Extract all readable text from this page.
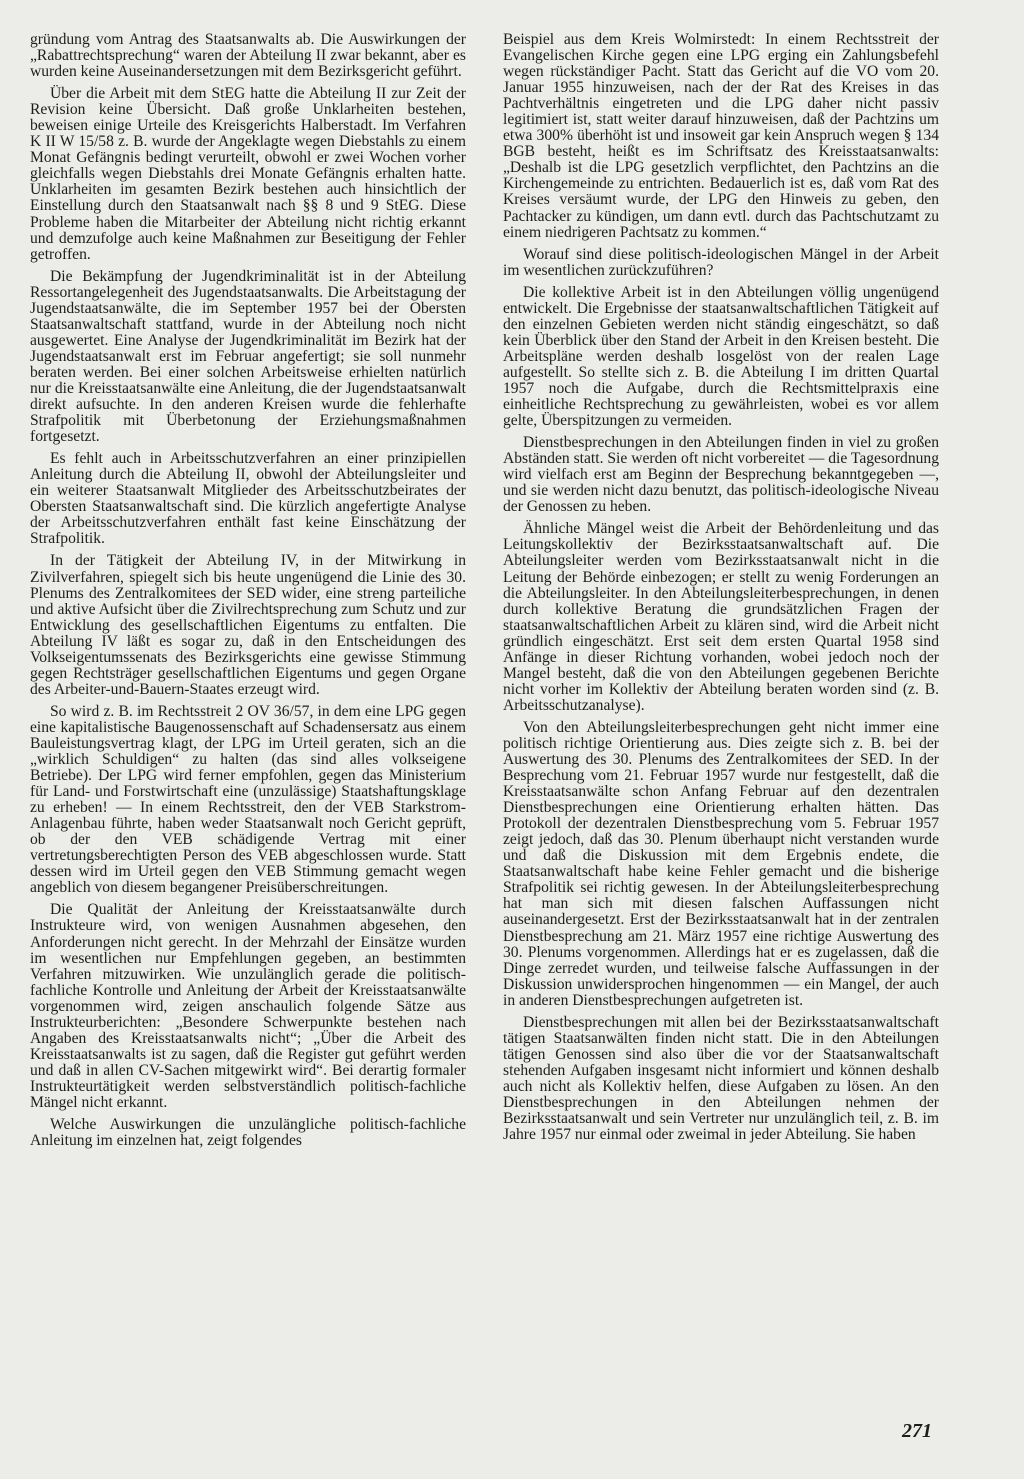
gründung vom Antrag des Staatsanwalts ab. Die Auswirkungen der „Rabattrechtsprechung“ waren der Abteilung II zwar bekannt, aber es wurden keine Auseinandersetzungen mit dem Bezirksgericht geführt.

Über die Arbeit mit dem StEG hatte die Abteilung II zur Zeit der Revision keine Übersicht. Daß große Unklarheiten bestehen, beweisen einige Urteile des Kreisgerichts Halberstadt. Im Verfahren K II W 15/58 z. B. wurde der Angeklagte wegen Diebstahls zu einem Monat Gefängnis bedingt verurteilt, obwohl er zwei Wochen vorher gleichfalls wegen Diebstahls drei Monate Gefängnis erhalten hatte. Unklarheiten im gesamten Bezirk bestehen auch hinsichtlich der Einstellung durch den Staatsanwalt nach §§ 8 und 9 StEG. Diese Probleme haben die Mitarbeiter der Abteilung nicht richtig erkannt und demzufolge auch keine Maßnahmen zur Beseitigung der Fehler getroffen.

Die Bekämpfung der Jugendkriminalität ist in der Abteilung Ressortangelegenheit des Jugendstaatsanwalts. Die Arbeitstagung der Jugendstaatsanwälte, die im September 1957 bei der Obersten Staatsanwaltschaft stattfand, wurde in der Abteilung noch nicht ausgewertet. Eine Analyse der Jugendkriminalität im Bezirk hat der Jugendstaatsanwalt erst im Februar angefertigt; sie soll nunmehr beraten werden. Bei einer solchen Arbeitsweise erhielten natürlich nur die Kreisstaatsanwälte eine Anleitung, die der Jugendstaatsanwalt direkt aufsuchte. In den anderen Kreisen wurde die fehlerhafte Strafpolitik mit Überbetonung der Erziehungsmaßnahmen fortgesetzt.

Es fehlt auch in Arbeitsschutzverfahren an einer prinzipiellen Anleitung durch die Abteilung II, obwohl der Abteilungsleiter und ein weiterer Staatsanwalt Mitglieder des Arbeitsschutzbeirates der Obersten Staatsanwaltschaft sind. Die kürzlich angefertigte Analyse der Arbeitsschutzverfahren enthält fast keine Einschätzung der Strafpolitik.

In der Tätigkeit der Abteilung IV, in der Mitwirkung in Zivilverfahren, spiegelt sich bis heute ungenügend die Linie des 30. Plenums des Zentralkomitees der SED wider, eine streng parteiliche und aktive Aufsicht über die Zivilrechtsprechung zum Schutz und zur Entwicklung des gesellschaftlichen Eigentums zu entfalten. Die Abteilung IV läßt es sogar zu, daß in den Entscheidungen des Volkseigentumssenats des Bezirksgerichts eine gewisse Stimmung gegen Rechtsträger gesellschaftlichen Eigentums und gegen Organe des Arbeiter-und-Bauern-Staates erzeugt wird.

So wird z. B. im Rechtsstreit 2 OV 36/57, in dem eine LPG gegen eine kapitalistische Baugenossenschaft auf Schadensersatz aus einem Bauleistungsvertrag klagt, der LPG im Urteil geraten, sich an die „wirklich Schuldigen“ zu halten (das sind alles volkseigene Betriebe). Der LPG wird ferner empfohlen, gegen das Ministerium für Land- und Forstwirtschaft eine (unzulässige) Staatshaftungsklage zu erheben! — In einem Rechtsstreit, den der VEB Starkstrom-Anlagenbau führte, haben weder Staatsanwalt noch Gericht geprüft, ob der den VEB schädigende Vertrag mit einer vertretungsberechtigten Person des VEB abgeschlossen wurde. Statt dessen wird im Urteil gegen den VEB Stimmung gemacht wegen angeblich von diesem begangener Preisüberschreitungen.

Die Qualität der Anleitung der Kreisstaatsanwälte durch Instrukteure wird, von wenigen Ausnahmen abgesehen, den Anforderungen nicht gerecht. In der Mehrzahl der Einsätze wurden im wesentlichen nur Empfehlungen gegeben, an bestimmten Verfahren mitzuwirken. Wie unzulänglich gerade die politisch-fachliche Kontrolle und Anleitung der Arbeit der Kreisstaatsanwälte vorgenommen wird, zeigen anschaulich folgende Sätze aus Instrukteurberichten: „Besondere Schwerpunkte bestehen nach Angaben des Kreisstaatsanwalts nicht“; „Über die Arbeit des Kreisstaatsanwalts ist zu sagen, daß die Register gut geführt werden und daß in allen CV-Sachen mitgewirkt wird“. Bei derartig formaler Instrukteurtätigkeit werden selbstverständlich politisch-fachliche Mängel nicht erkannt.

Welche Auswirkungen die unzulängliche politisch-fachliche Anleitung im einzelnen hat, zeigt folgendes

Beispiel aus dem Kreis Wolmirstedt: In einem Rechtsstreit der Evangelischen Kirche gegen eine LPG erging ein Zahlungsbefehl wegen rückständiger Pacht. Statt das Gericht auf die VO vom 20. Januar 1955 hinzuweisen, nach der der Rat des Kreises in das Pachtverhältnis eingetreten und die LPG daher nicht passiv legitimiert ist, statt weiter darauf hinzuweisen, daß der Pachtzins um etwa 300% überhöht ist und insoweit gar kein Anspruch wegen § 134 BGB besteht, heißt es im Schriftsatz des Kreisstaatsanwalts: „Deshalb ist die LPG gesetzlich verpflichtet, den Pachtzins an die Kirchengemeinde zu entrichten. Bedauerlich ist es, daß vom Rat des Kreises versäumt wurde, der LPG den Hinweis zu geben, den Pachtacker zu kündigen, um dann evtl. durch das Pachtschutzamt zu einem niedrigeren Pachtsatz zu kommen.“

Worauf sind diese politisch-ideologischen Mängel in der Arbeit im wesentlichen zurückzuführen?

Die kollektive Arbeit ist in den Abteilungen völlig ungenügend entwickelt. Die Ergebnisse der staatsanwaltschaftlichen Tätigkeit auf den einzelnen Gebieten werden nicht ständig eingeschätzt, so daß kein Überblick über den Stand der Arbeit in den Kreisen besteht. Die Arbeitspläne werden deshalb losgelöst von der realen Lage aufgestellt. So stellte sich z. B. die Abteilung I im dritten Quartal 1957 noch die Aufgabe, durch die Rechtsmittelpraxis eine einheitliche Rechtsprechung zu gewährleisten, wobei es vor allem gelte, Überspitzungen zu vermeiden.

Dienstbesprechungen in den Abteilungen finden in viel zu großen Abständen statt. Sie werden oft nicht vorbereitet — die Tagesordnung wird vielfach erst am Beginn der Besprechung bekanntgegeben —, und sie werden nicht dazu benutzt, das politisch-ideologische Niveau der Genossen zu heben.

Ähnliche Mängel weist die Arbeit der Behördenleitung und das Leitungskollektiv der Bezirksstaatsanwaltschaft auf. Die Abteilungsleiter werden vom Bezirksstaatsanwalt nicht in die Leitung der Behörde einbezogen; er stellt zu wenig Forderungen an die Abteilungsleiter. In den Abteilungsleiterbesprechungen, in denen durch kollektive Beratung die grundsätzlichen Fragen der staatsanwaltschaftlichen Arbeit zu klären sind, wird die Arbeit nicht gründlich eingeschätzt. Erst seit dem ersten Quartal 1958 sind Anfänge in dieser Richtung vorhanden, wobei jedoch noch der Mangel besteht, daß die von den Abteilungen gegebenen Berichte nicht vorher im Kollektiv der Abteilung beraten worden sind (z. B. Arbeitsschutzanalyse).

Von den Abteilungsleiterbesprechungen geht nicht immer eine politisch richtige Orientierung aus. Dies zeigte sich z. B. bei der Auswertung des 30. Plenums des Zentralkomitees der SED. In der Besprechung vom 21. Februar 1957 wurde nur festgestellt, daß die Kreisstaatsanwälte schon Anfang Februar auf den dezentralen Dienstbesprechungen eine Orientierung erhalten hätten. Das Protokoll der dezentralen Dienstbesprechung vom 5. Februar 1957 zeigt jedoch, daß das 30. Plenum überhaupt nicht verstanden wurde und daß die Diskussion mit dem Ergebnis endete, die Staatsanwaltschaft habe keine Fehler gemacht und die bisherige Strafpolitik sei richtig gewesen. In der Abteilungsleiterbesprechung hat man sich mit diesen falschen Auffassungen nicht auseinandergesetzt. Erst der Bezirksstaatsanwalt hat in der zentralen Dienstbesprechung am 21. März 1957 eine richtige Auswertung des 30. Plenums vorgenommen. Allerdings hat er es zugelassen, daß die Dinge zerredet wurden, und teilweise falsche Auffassungen in der Diskussion unwidersprochen hingenommen — ein Mangel, der auch in anderen Dienstbesprechungen aufgetreten ist.

Dienstbesprechungen mit allen bei der Bezirksstaatsanwaltschaft tätigen Staatsanwälten finden nicht statt. Die in den Abteilungen tätigen Genossen sind also über die vor der Staatsanwaltschaft stehenden Aufgaben insgesamt nicht informiert und können deshalb auch nicht als Kollektiv helfen, diese Aufgaben zu lösen. An den Dienstbesprechungen in den Abteilungen nehmen der Bezirksstaatsanwalt und sein Vertreter nur unzulänglich teil, z. B. im Jahre 1957 nur einmal oder zweimal in jeder Abteilung. Sie haben

271
